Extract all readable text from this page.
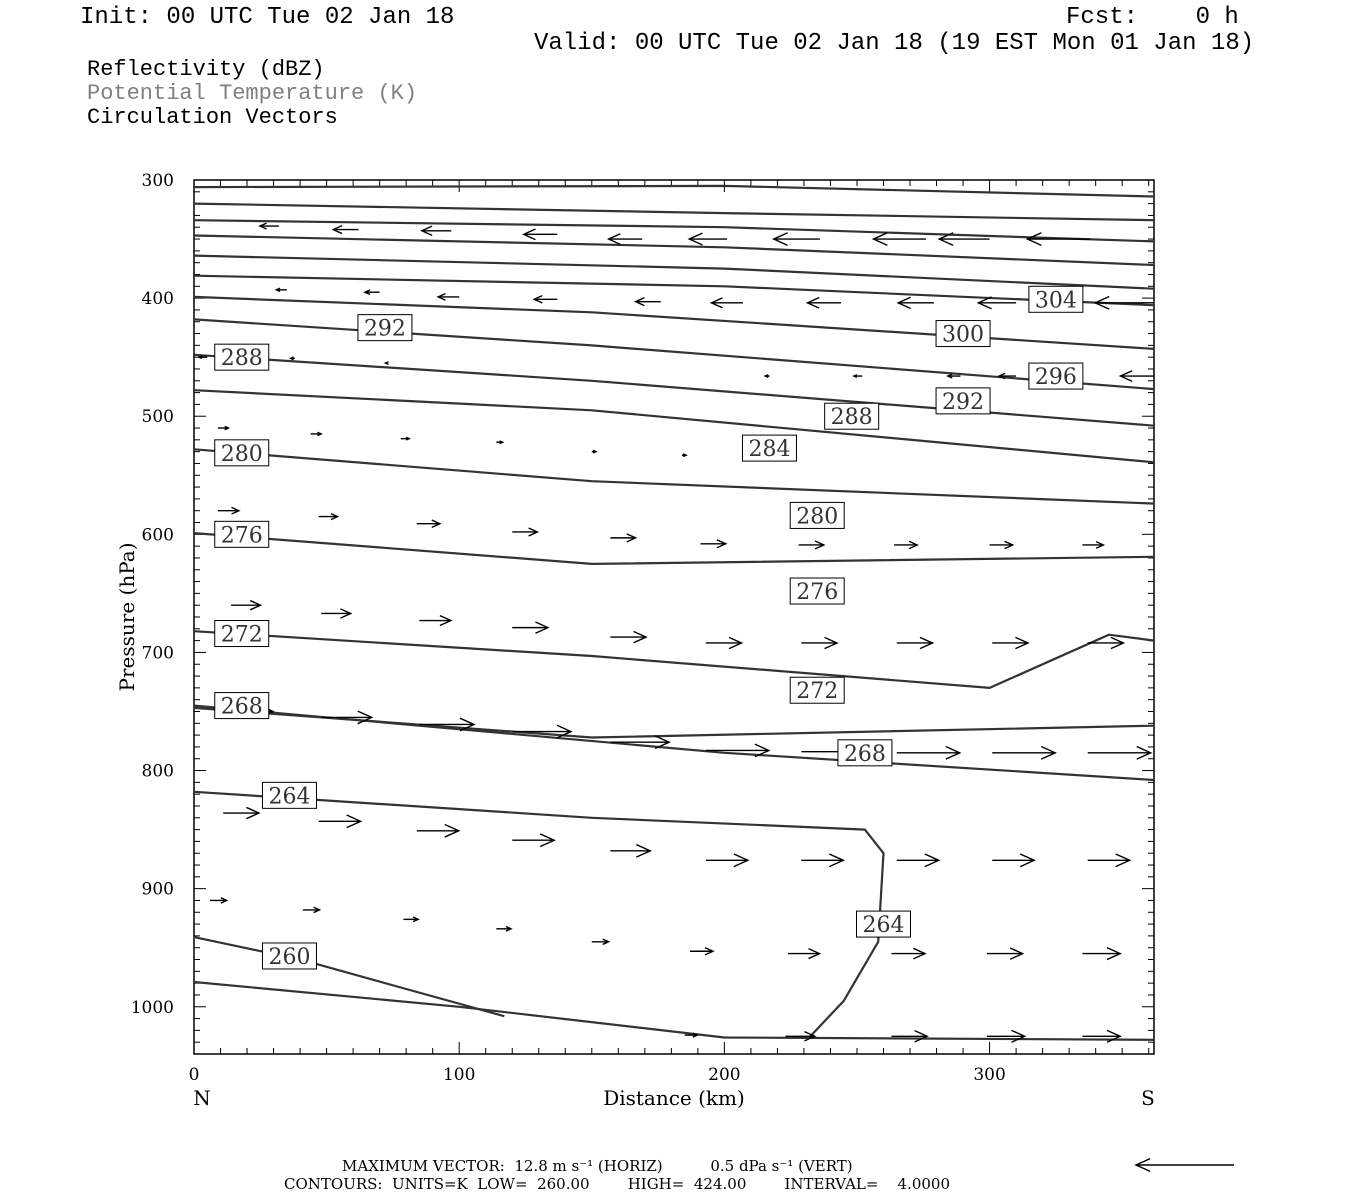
Init: 00 UTC Tue 02 Jan 18	Fcst:    0 h
Valid: 00 UTC Tue 02 Jan 18 (19 EST Mon 01 Jan 18)
Reflectivity (dBZ)
Potential Temperature (K)
Circulation Vectors
304
300
296
292
292
288
288
284
280
280
276
276
272
272
268
268
264
264
260
0	100	200	300
300
400
500
600
700
800
900
1000
Distance (km)
Pressure (hPa)
N	S
MAXIMUM VECTOR:  12.8 m s⁻¹ (HORIZ)          0.5 dPa s⁻¹ (VERT)
CONTOURS:  UNITS=K  LOW=  260.00        HIGH=  424.00        INTERVAL=    4.0000
